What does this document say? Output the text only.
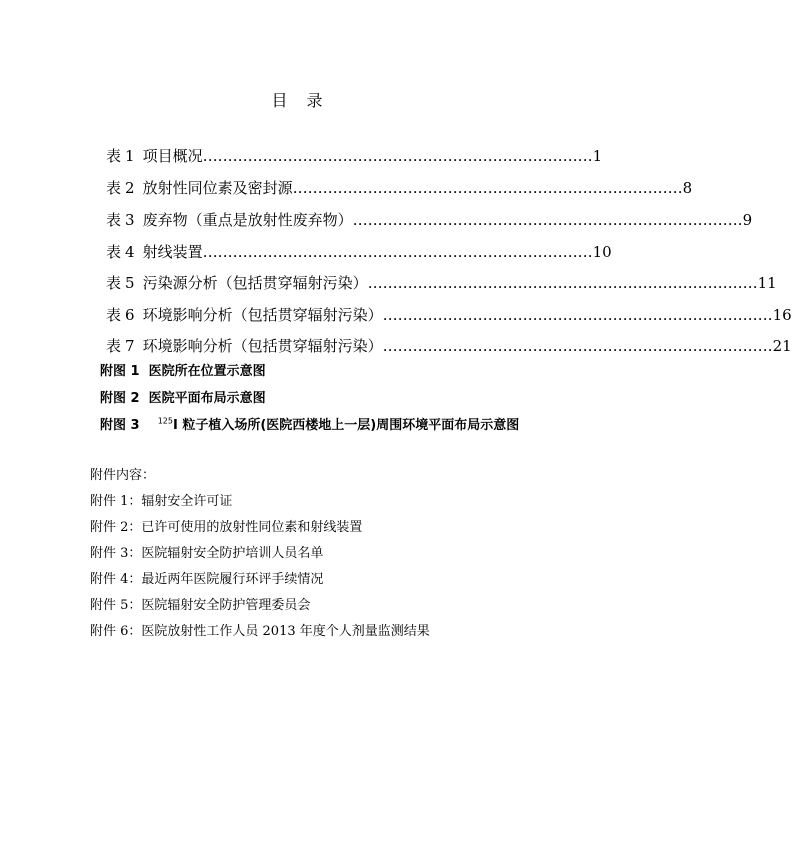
目 录
表 1 项目概况 …………………………………………………………………… 1
表 2 放射性同位素及密封源 …………………………………………………………………… 8
表 3 废弃物（重点是放射性废弃物） …………………………………………………………………… 9
表 4 射线装置 …………………………………………………………………… 10
表 5 污染源分析（包括贯穿辐射污染） …………………………………………………………………… 11
表 6 环境影响分析（包括贯穿辐射污染） …………………………………………………………………… 16
表 7 环境影响分析（包括贯穿辐射污染） …………………………………………………………………… 21
附图 1 医院所在位置示意图
附图 2 医院平面布局示意图
附图 3 $^{125}$I 粒子植入场所(医院西楼地上一层)周围环境平面布局示意图
附件内容：
附件 1：辐射安全许可证
附件 2：已许可使用的放射性同位素和射线装置
附件 3：医院辐射安全防护培训人员名单
附件 4：最近两年医院履行环评手续情况
附件 5：医院辐射安全防护管理委员会
附件 6：医院放射性工作人员 2013 年度个人剂量监测结果
